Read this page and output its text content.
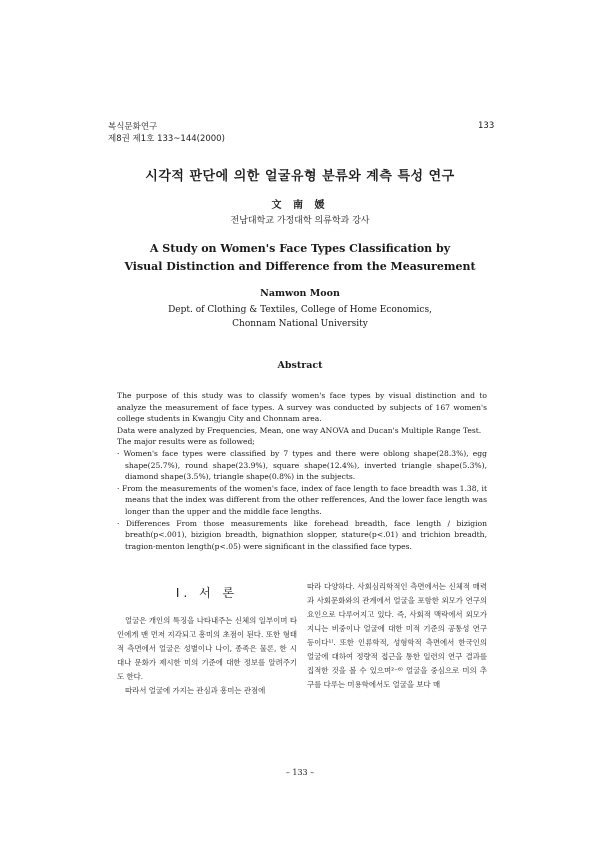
복식문화연구
제8권 제1호 133~144(2000)
133
시각적 판단에 의한 얼굴유형 분류와 계측 특성 연구
文 南 媛
전남대학교 가정대학 의류학과 강사
A Study on Women's Face Types Classification by
Visual Distinction and Difference from the Measurement
Namwon Moon
Dept. of Clothing & Textiles, College of Home Economics,
Chonnam National University
Abstract

The purpose of this study was to classify women's face types by visual distinction and to analyze the measurement of face types. A survey was conducted by subjects of 167 women's college students in Kwangju City and Chonnam area.

Data were analyzed by Frequencies, Mean, one way ANOVA and Ducan's Multiple Range Test.

The major results were as followed;

· Women's face types were classified by 7 types and there were oblong shape(28.3%), egg shape(25.7%), round shape(23.9%), square shape(12.4%), inverted triangle shape(5.3%), diamond shape(3.5%), triangle shape(0.8%) in the subjects.

· From the measurements of the women's face, index of face length to face breadth was 1.38, it means that the index was different from the other refferences, And the lower face length was longer than the upper and the middle face lengths.

· Differences From those measurements like forehead breadth, face length / bizigion breath(p<.001), bizigion breadth, bignathion slopper, stature(p<.01) and trichion breadth, tragion-menton length(p<.05) were significant in the classified face types.

I. 서 론

얼굴은 개인의 특징을 나타내주는 신체의 일부이며 타인에게 맨 먼저 지각되고 흥미의 초점이 된다. 또한 형태적 측면에서 얼굴은 성별이나 나이, 종족은 물론, 한 시대나 문화가 제시한 미의 기준에 대한 정보를 알려주기도 한다.

따라서 얼굴에 가지는 관심과 흥미는 관점에

따라 다양하다. 사회심리학적인 측면에서는 신체적 매력과 사회문화와의 관계에서 얼굴을 포함한 외모가 연구의 요인으로 다루어지고 있다. 즉, 사회적 맥락에서 외모가 지니는 비중이나 얼굴에 대한 미적 기준의 공통성 연구 등이다¹⁾. 또한 인류학적, 성형학적 측면에서 한국인의 얼굴에 대하여 정량적 접근을 통한 일련의 연구 결과를 집적한 것을 볼 수 있으며²⁻⁶⁾ 얼굴을 중심으로 미의 추구를 다루는 미용학에서도 얼굴을 보다 매

– 133 –
